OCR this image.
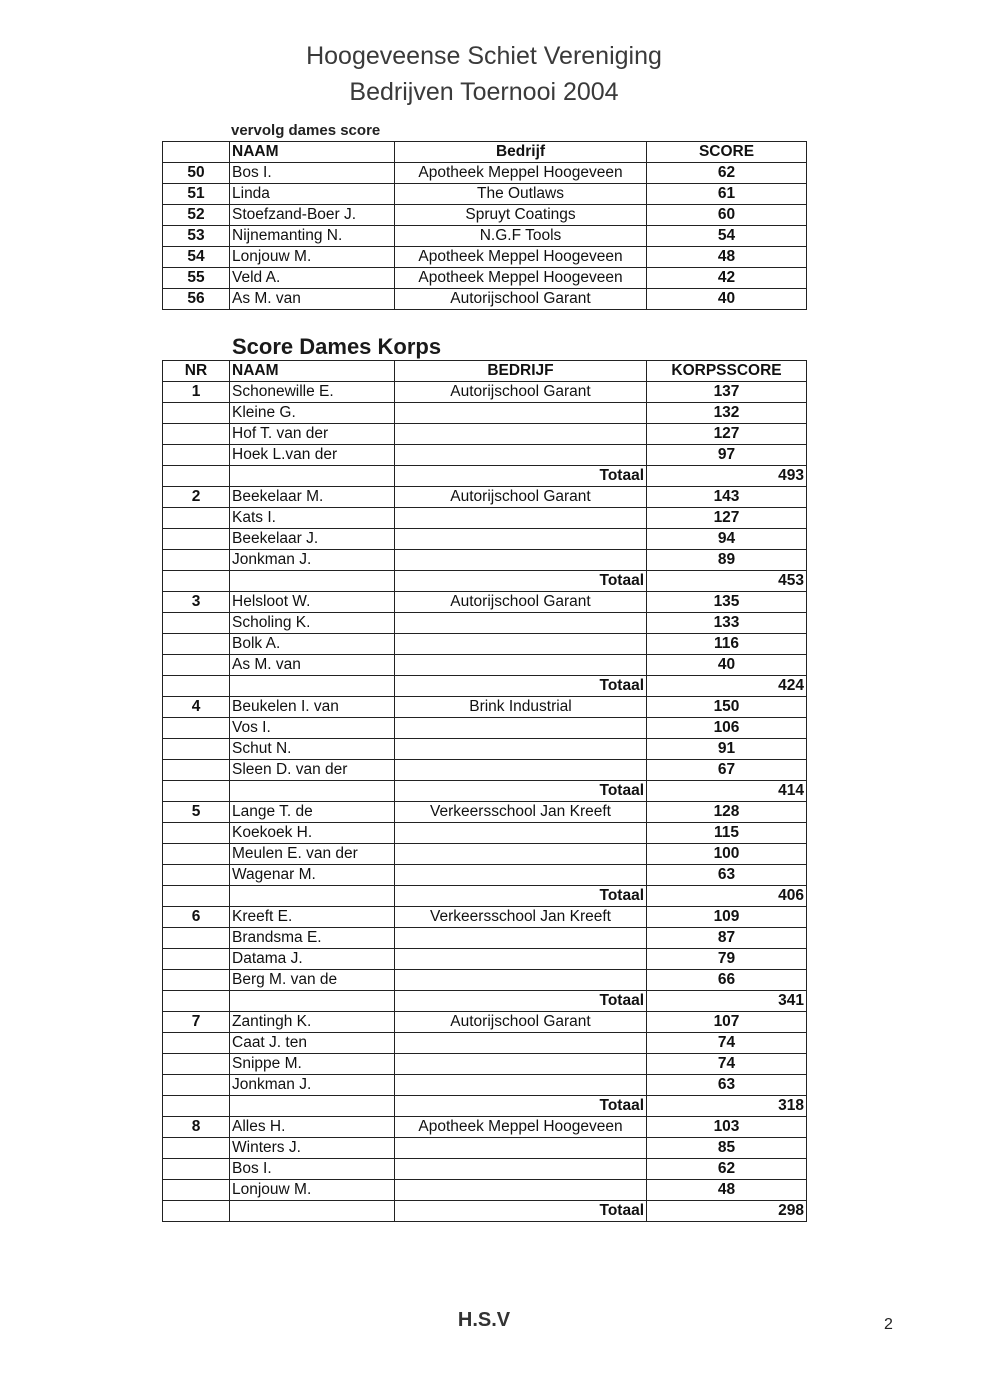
Hoogeveense Schiet Vereniging
Bedrijven Toernooi 2004
vervolg dames score
	NAAM	Bedrijf	SCORE
50	Bos I.	Apotheek Meppel Hoogeveen	62
51	Linda	The Outlaws	61
52	Stoefzand-Boer J.	Spruyt Coatings	60
53	Nijnemanting N.	N.G.F Tools	54
54	Lonjouw M.	Apotheek Meppel Hoogeveen	48
55	Veld A.	Apotheek Meppel Hoogeveen	42
56	As M. van	Autorijschool Garant	40
Score Dames Korps
NR	NAAM	BEDRIJF	KORPSSCORE
1	Schonewille E.	Autorijschool Garant	137
	Kleine G.		132
	Hof T. van der		127
	Hoek L.van der		97
		Totaal	493
2	Beekelaar M.	Autorijschool Garant	143
	Kats I.		127
	Beekelaar J.		94
	Jonkman J.		89
		Totaal	453
3	Helsloot W.	Autorijschool Garant	135
	Scholing K.		133
	Bolk A.		116
	As M. van		40
		Totaal	424
4	Beukelen I. van	Brink Industrial	150
	Vos I.		106
	Schut N.		91
	Sleen D. van der		67
		Totaal	414
5	Lange T. de	Verkeersschool Jan Kreeft	128
	Koekoek H.		115
	Meulen E. van der		100
	Wagenar M.		63
		Totaal	406
6	Kreeft E.	Verkeersschool Jan Kreeft	109
	Brandsma E.		87
	Datama J.		79
	Berg M. van de		66
		Totaal	341
7	Zantingh K.	Autorijschool Garant	107
	Caat J. ten		74
	Snippe M.		74
	Jonkman J.		63
		Totaal	318
8	Alles H.	Apotheek Meppel Hoogeveen	103
	Winters J.		85
	Bos I.		62
	Lonjouw M.		48
		Totaal	298
H.S.V	2
